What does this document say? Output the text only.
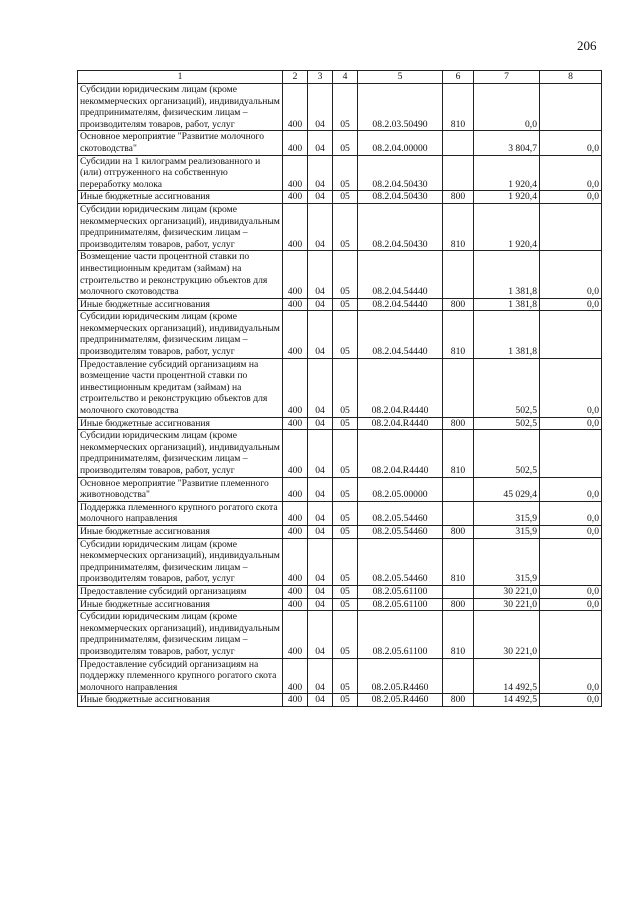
206
1	2	3	4	5	6	7	8
Субсидии юридическим лицам (кроме некоммерческих организаций), индивидуальным предпринимателям, физическим лицам – производителям товаров, работ, услуг	400	04	05	08.2.03.50490	810	0,0	
Основное мероприятие "Развитие молочного скотоводства"	400	04	05	08.2.04.00000		3 804,7	0,0
Субсидии на 1 килограмм реализованного и (или) отгруженного на собственную переработку молока	400	04	05	08.2.04.50430		1 920,4	0,0
Иные бюджетные ассигнования	400	04	05	08.2.04.50430	800	1 920,4	0,0
Субсидии юридическим лицам (кроме некоммерческих организаций), индивидуальным предпринимателям, физическим лицам – производителям товаров, работ, услуг	400	04	05	08.2.04.50430	810	1 920,4	
Возмещение части процентной ставки по инвестиционным кредитам (займам) на строительство и реконструкцию объектов для молочного скотоводства	400	04	05	08.2.04.54440		1 381,8	0,0
Иные бюджетные ассигнования	400	04	05	08.2.04.54440	800	1 381,8	0,0
Субсидии юридическим лицам (кроме некоммерческих организаций), индивидуальным предпринимателям, физическим лицам – производителям товаров, работ, услуг	400	04	05	08.2.04.54440	810	1 381,8	
Предоставление субсидий организациям на возмещение части процентной ставки по инвестиционным кредитам (займам) на строительство и реконструкцию объектов для молочного скотоводства	400	04	05	08.2.04.R4440		502,5	0,0
Иные бюджетные ассигнования	400	04	05	08.2.04.R4440	800	502,5	0,0
Субсидии юридическим лицам (кроме некоммерческих организаций), индивидуальным предпринимателям, физическим лицам – производителям товаров, работ, услуг	400	04	05	08.2.04.R4440	810	502,5	
Основное мероприятие "Развитие племенного животноводства"	400	04	05	08.2.05.00000		45 029,4	0,0
Поддержка племенного крупного рогатого скота молочного направления	400	04	05	08.2.05.54460		315,9	0,0
Иные бюджетные ассигнования	400	04	05	08.2.05.54460	800	315,9	0,0
Субсидии юридическим лицам (кроме некоммерческих организаций), индивидуальным предпринимателям, физическим лицам – производителям товаров, работ, услуг	400	04	05	08.2.05.54460	810	315,9	
Предоставление субсидий организациям	400	04	05	08.2.05.61100		30 221,0	0,0
Иные бюджетные ассигнования	400	04	05	08.2.05.61100	800	30 221,0	0,0
Субсидии юридическим лицам (кроме некоммерческих организаций), индивидуальным предпринимателям, физическим лицам – производителям товаров, работ, услуг	400	04	05	08.2.05.61100	810	30 221,0	
Предоставление субсидий организациям на поддержку племенного крупного рогатого скота молочного направления	400	04	05	08.2.05.R4460		14 492,5	0,0
Иные бюджетные ассигнования	400	04	05	08.2.05.R4460	800	14 492,5	0,0
